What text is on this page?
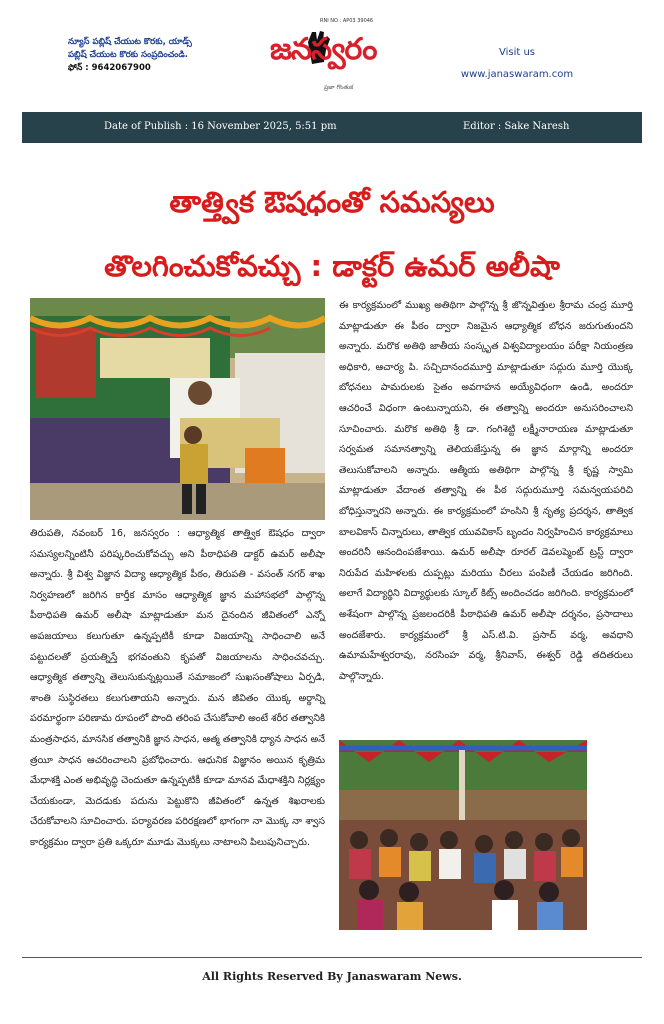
న్యూస్ పబ్లిష్ చేయుట కొరకు, యాడ్స్
పబ్లిష్ చేయుట కొరకు సంప్రదించండి.
ఫోన్ : 9642067900
RNI NO : AP03 39046
జనస్వరం
ప్రజా గొంతుక
Visit us
www.janaswaram.com
Date of Publish : 16 November 2025, 5:51 pm	Editor : Sake Naresh
తాత్త్విక ఔషధంతో సమస్యలు
తొలగించుకోవచ్చు : డాక్టర్ ఉమర్ అలీషా
తిరుపతి, నవంబర్ 16, జనస్వరం : ఆధ్యాత్మిక తాత్త్విక ఔషధం ద్వారా సమస్యలన్నింటినీ పరిష్కరించుకోవచ్చు అని పీఠాధిపతి డాక్టర్ ఉమర్ అలీషా అన్నారు. శ్రీ విశ్వ విజ్ఞాన విద్యా ఆధ్యాత్మిక పీఠం, తిరుపతి - వసంత్ నగర్ శాఖ నిర్వహణలో జరిగిన కార్తీక మాసం ఆధ్యాత్మిక జ్ఞాన మహాసభలో పాల్గొన్న పీఠాధిపతి ఉమర్ అలీషా మాట్లాడుతూ మన దైనందిన జీవితంలో ఎన్నో అపజయాలు కలుగుతూ ఉన్నప్పటికీ కూడా విజయాన్ని సాధించాలి అనే పట్టుదలతో ప్రయత్నిస్తే భగవంతుని కృపతో విజయాలను సాధించవచ్చు. ఆధ్యాత్మిక తత్వాన్ని తెలుసుకున్నట్లయితే సమాజంలో సుఖసంతోషాలు ఏర్పడి, శాంతి సుస్థిరతలు కలుగుతాయని అన్నారు. మన జీవితం యొక్క అర్థాన్ని పరమార్థంగా పరిణామ రూపంలో పొంది తరింప చేసుకోవాలి అంటే శరీర తత్వానికి మంత్రసాధన, మానసిక తత్వానికి జ్ఞాన సాధన, ఆత్మ తత్వానికి ధ్యాన సాధన అనే త్రయీ సాధన ఆచరించాలని ప్రబోధించారు. ఆధునిక విజ్ఞానం అయిన కృత్రిమ మేధాశక్తి ఎంత అభివృద్ధి చెందుతూ ఉన్నప్పటికీ కూడా మానవ మేధాశక్తిని నిర్లక్ష్యం చేయకుండా, మెదడుకు పదును పెట్టుకొని జీవితంలో ఉన్నత శిఖరాలకు చేరుకోవాలని సూచించారు. పర్యావరణ పరిరక్షణలో భాగంగా నా మొక్క నా శ్వాస కార్యక్రమం ద్వారా ప్రతి ఒక్కరూ మూడు మొక్కలు నాటాలని పిలుపునిచ్చారు.
ఈ కార్యక్రమంలో ముఖ్య అతిథిగా పాల్గొన్న శ్రీ జొన్నవిత్తుల శ్రీరామ చంద్ర మూర్తి మాట్లాడుతూ ఈ పీఠం ద్వారా నిజమైన ఆధ్యాత్మిక బోధన జరుగుతుందని అన్నారు. మరొక అతిథి జాతీయ సంస్కృత విశ్వవిద్యాలయం పరీక్షా నియంత్రణ అధికారి, ఆచార్య పి. సచ్చిదానందమూర్తి మాట్లాడుతూ సద్గురు మూర్తి యొక్క బోధనలు పామరులకు సైతం అవగాహన అయ్యేవిధంగా ఉండి, అందరూ ఆచరించే విధంగా ఉంటున్నాయని, ఈ తత్వాన్ని అందరూ అనుసరించాలని సూచించారు. మరొక అతిథి శ్రీ డా. గంగిశెట్టి లక్ష్మీనారాయణ మాట్లాడుతూ సర్వమత సమానత్వాన్ని తెలియజేస్తున్న ఈ జ్ఞాన మార్గాన్ని అందరూ తెలుసుకోవాలని అన్నారు. ఆత్మీయ అతిథిగా పాల్గొన్న శ్రీ కృష్ణ స్వామి మాట్లాడుతూ వేదాంత తత్వాన్ని ఈ పీఠ సద్గురుమూర్తి సమన్వయపరిచి బోధిస్తున్నారని అన్నారు. ఈ కార్యక్రమంలో హంసిని శ్రీ నృత్య ప్రదర్శన, తాత్విక బాలవికాస్ చిన్నారులు, తాత్విక యువవికాస్ బృందం నిర్వహించిన కార్యక్రమాలు అందరినీ ఆనందింపజేశాయి. ఉమర్ అలీషా రూరల్ డెవలప్మెంట్ ట్రస్ట్ ద్వారా నిరుపేద మహిళలకు దుప్పట్లు మరియు చీరలు పంపిణీ చేయడం జరిగింది. అలాగే విద్యార్థిని విద్యార్థులకు స్కూల్ కిట్స్ అందించడం జరిగింది. కార్యక్రమంలో అశేషంగా పాల్గొన్న ప్రజలందరికీ పీఠాధిపతి ఉమర్ అలీషా దర్శనం, ప్రసాదాలు అందజేశారు. కార్యక్రమంలో శ్రీ ఎస్.టి.వి. ప్రసాద్ వర్మ, అవధాని ఉమామహేశ్వరరావు, నరసింహ వర్మ, శ్రీనివాస్, ఈశ్వర్ రెడ్డి తదితరులు పాల్గొన్నారు.
All Rights Reserved By Janaswaram News.
